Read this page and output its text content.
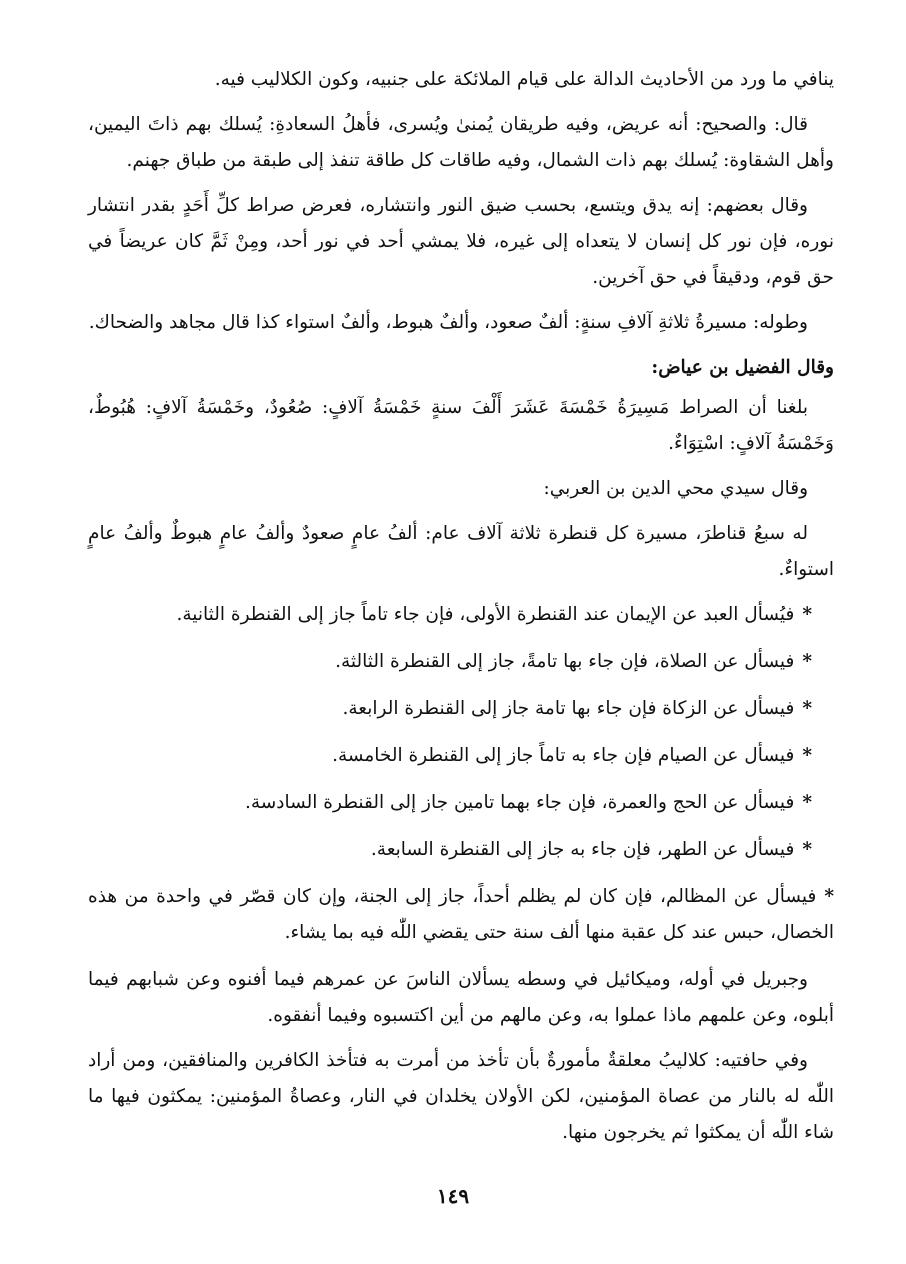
ينافي ما ورد من الأحاديث الدالة على قيام الملائكة على جنبيه، وكون الكلاليب فيه.

قال: والصحيح: أنه عريض، وفيه طريقان يُمنىٰ ويُسرى، فأهلُ السعادةِ: يُسلك بهم ذاتَ اليمين، وأهل الشقاوة: يُسلك بهم ذات الشمال، وفيه طاقات كل طاقة تنفذ إلى طبقة من طباق جهنم.

وقال بعضهم: إنه يدق ويتسع، بحسب ضيق النور وانتشاره، فعرض صراط كلِّ أَحَدٍ بقدر انتشار نوره، فإن نور كل إنسان لا يتعداه إلى غيره، فلا يمشي أحد في نور أحد، ومِنْ ثَمَّ كان عريضاً في حق قوم، ودقيقاً في حق آخرين.

وطوله: مسيرةُ ثلاثةِ آلافِ سنةٍ: ألفٌ صعود، وألفٌ هبوط، وألفٌ استواء كذا قال مجاهد والضحاك.

وقال الفضيل بن عياض:

بلغنا أن الصراط مَسِيرَةُ خَمْسَةَ عَشَرَ أَلْفَ سنةٍ خَمْسَةُ آلافٍ: صُعُودٌ، وخَمْسَةُ آلافٍ: هُبُوطٌ، وَخَمْسَةُ آلافٍ: اسْتِوَاءٌ.

وقال سيدي محي الدين بن العربي:

له سبعُ قناطرَ، مسيرة كل قنطرة ثلاثة آلاف عام: ألفُ عامٍ صعودٌ وألفُ عامٍ هبوطٌ وألفُ عامٍ استواءٌ.

*فيُسأل العبد عن الإيمان عند القنطرة الأولى، فإن جاء تاماً جاز إلى القنطرة الثانية.
*فيسأل عن الصلاة، فإن جاء بها تامةً، جاز إلى القنطرة الثالثة.
*فيسأل عن الزكاة فإن جاء بها تامة جاز إلى القنطرة الرابعة.
*فيسأل عن الصيام فإن جاء به تاماً جاز إلى القنطرة الخامسة.
*فيسأل عن الحج والعمرة، فإن جاء بهما تامين جاز إلى القنطرة السادسة.
*فيسأل عن الطهر، فإن جاء به جاز إلى القنطرة السابعة.
*فيسأل عن المظالم، فإن كان لم يظلم أحداً، جاز إلى الجنة، وإن كان قصّر في واحدة من هذه الخصال، حبس عند كل عقبة منها ألف سنة حتى يقضي اللّٰه فيه بما يشاء.

وجبريل في أوله، وميكائيل في وسطه يسألان الناسَ عن عمرهم فيما أفنوه وعن شبابهم فيما أبلوه، وعن علمهم ماذا عملوا به، وعن مالهم من أين اكتسبوه وفيما أنفقوه.

وفي حافتيه: كلاليبُ معلقةٌ مأمورةٌ بأن تأخذ من أمرت به فتأخذ الكافرين والمنافقين، ومن أراد اللّٰه له بالنار من عصاة المؤمنين، لكن الأولان يخلدان في النار، وعصاةُ المؤمنين: يمكثون فيها ما شاء اللّٰه أن يمكثوا ثم يخرجون منها.

١٤٩
